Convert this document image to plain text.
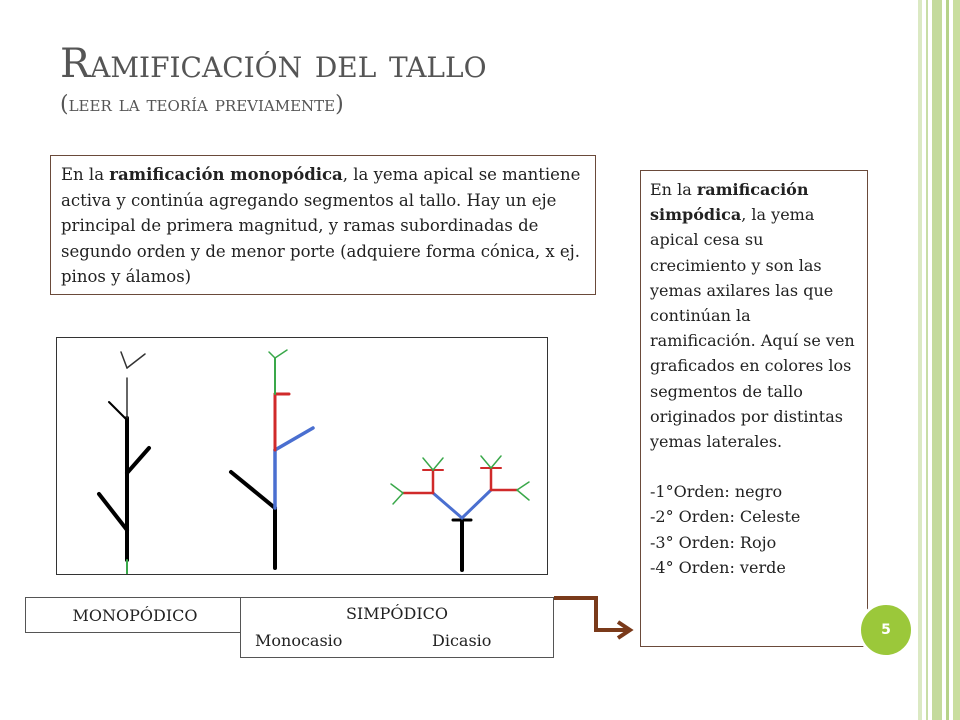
Ramificación del tallo
(leer la teoría previamente)
En la ramificación monopódica, la yema apical se mantiene activa y continúa agregando segmentos al tallo. Hay un eje principal de primera magnitud, y ramas subordinadas de segundo orden y de menor porte (adquiere forma cónica, x ej. pinos y álamos)

En la ramificación simpódica, la yema apical cesa su crecimiento y son las yemas axilares las que continúan la ramificación. Aquí se ven graficados en colores los segmentos de tallo originados por distintas yemas laterales.

-1°Orden: negro

-2° Orden: Celeste

-3° Orden: Rojo

-4° Orden: verde

MONOPÓDICO	SIMPÓDICO
Monocasio	Dicasio
5
